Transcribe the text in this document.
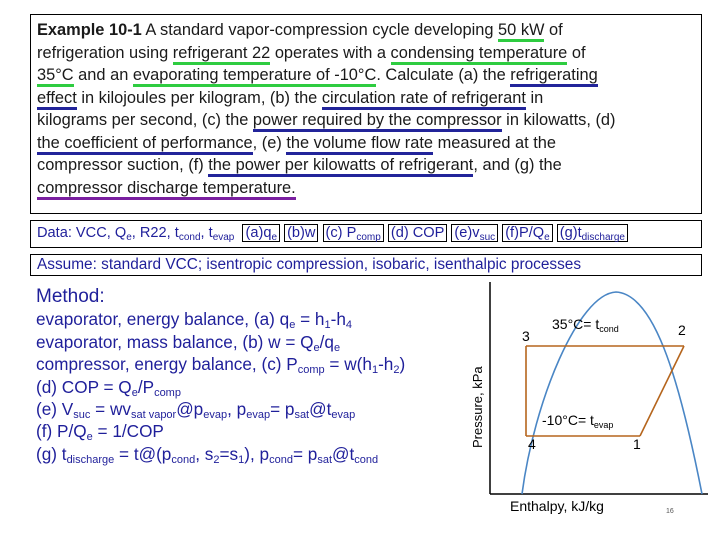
Example 10-1 A standard vapor-compression cycle developing 50 kW of
refrigeration using refrigerant 22 operates with a condensing temperature of
35°C and an evaporating temperature of -10°C. Calculate (a) the refrigerating
effect in kilojoules per kilogram, (b) the circulation rate of refrigerant in
kilograms per second, (c) the power required by the compressor in kilowatts, (d)
the coefficient of performance, (e) the volume flow rate measured at the
compressor suction, (f) the power per kilowatts of refrigerant, and (g) the
compressor discharge temperature.
Data: VCC, $Q_e$, R22, $t_{cond}$, $t_{evap}$ $(a)q_e$ (b)w (c) $P_{comp}$ (d) COP $(e)v_{suc}$ $(f)P/Q_e$ $(g)t_{discharge}$
Assume: standard VCC; isentropic compression, isobaric, isenthalpic processes
Method:
evaporator, energy balance, (a) $q_e = h_1-h_4$
evaporator, mass balance, (b) $w = Q_e/q_e$
compressor, energy balance, (c) $P_{comp} = w(h_1-h_2)$
(d) COP = $Q_e/P_{comp}$
(e) $V_{suc}$ = $wv_{sat vapor}@p_{evap}$, $p_{evap}=$ $p_{sat}@t_{evap}$
(f) $P/Q_e = 1/COP$
(g) $t_{discharge}$ = $t@(p_{cond}$, $s_2=s_1$), $p_{cond}=$ $p_{sat}@t_{cond}$
Pressure, kPa
3	2
4	1
$35^\circ C= t_{cond}$
$-10^\circ C= t_{evap}$
Enthalpy, kJ/kg	16
